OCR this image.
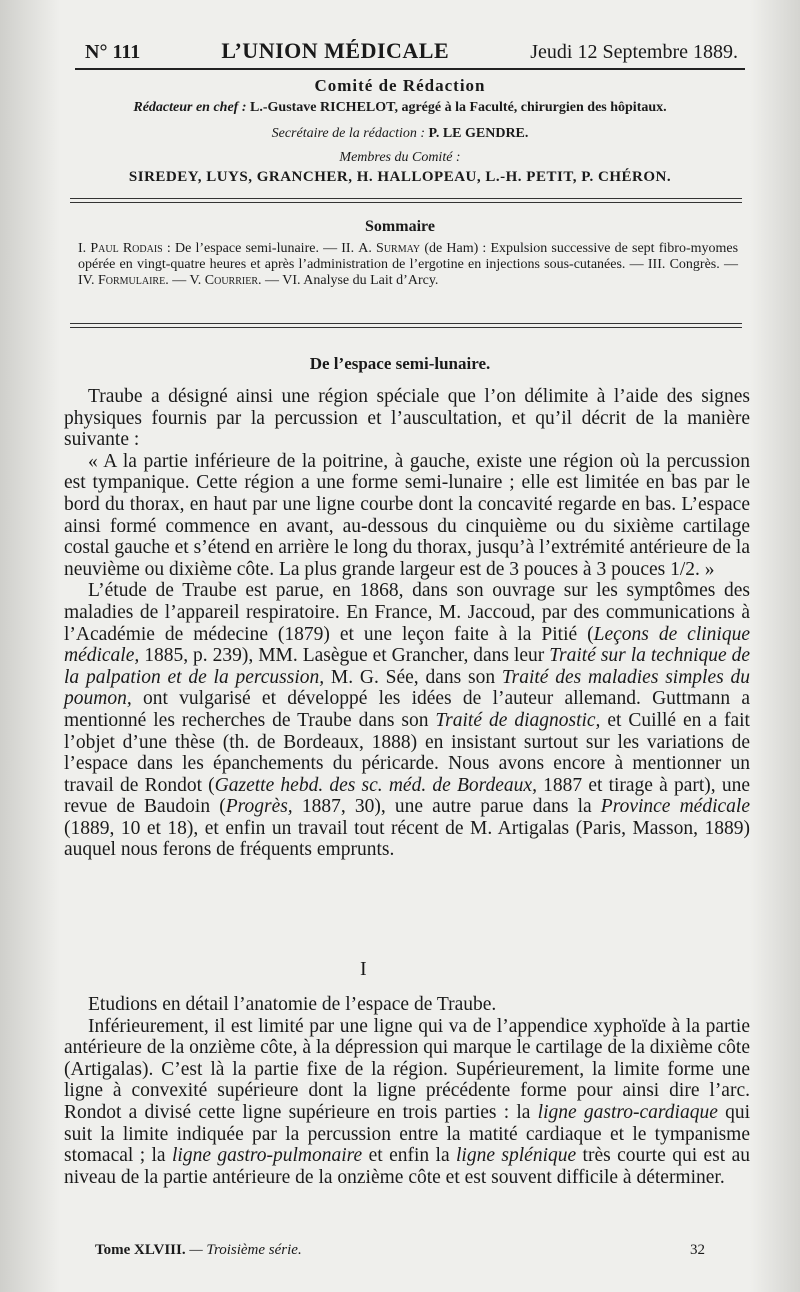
N° 111	L’UNION MÉDICALE	Jeudi 12 Septembre 1889.
Comité de Rédaction
Rédacteur en chef : L.-Gustave RICHELOT, agrégé à la Faculté, chirurgien des hôpitaux.
Secrétaire de la rédaction : P. LE GENDRE.
Membres du Comité :
SIREDEY, LUYS, GRANCHER, H. HALLOPEAU, L.-H. PETIT, P. CHÉRON.
Sommaire
I. Paul Rodais : De l’espace semi-lunaire. — II. A. Surmay (de Ham) : Expulsion successive de sept fibro-myomes opérée en vingt-quatre heures et après l’administration de l’ergotine en injections sous-cutanées. — III. Congrès. — IV. Formulaire. — V. Courrier. — VI. Analyse du Lait d’Arcy.
De l’espace semi-lunaire.

Traube a désigné ainsi une région spéciale que l’on délimite à l’aide des signes physiques fournis par la percussion et l’auscultation, et qu’il décrit de la manière suivante :

« A la partie inférieure de la poitrine, à gauche, existe une région où la percussion est tympanique. Cette région a une forme semi-lunaire ; elle est limitée en bas par le bord du thorax, en haut par une ligne courbe dont la concavité regarde en bas. L’espace ainsi formé commence en avant, au-dessous du cinquième ou du sixième cartilage costal gauche et s’étend en arrière le long du thorax, jusqu’à l’extrémité antérieure de la neuvième ou dixième côte. La plus grande largeur est de 3 pouces à 3 pouces 1/2. »

L’étude de Traube est parue, en 1868, dans son ouvrage sur les symptômes des maladies de l’appareil respiratoire. En France, M. Jaccoud, par des communications à l’Académie de médecine (1879) et une leçon faite à la Pitié (Leçons de clinique médicale, 1885, p. 239), MM. Lasègue et Grancher, dans leur Traité sur la technique de la palpation et de la percussion, M. G. Sée, dans son Traité des maladies simples du poumon, ont vulgarisé et développé les idées de l’auteur allemand. Guttmann a mentionné les recherches de Traube dans son Traité de diagnostic, et Cuillé en a fait l’objet d’une thèse (th. de Bordeaux, 1888) en insistant surtout sur les variations de l’espace dans les épanchements du péricarde. Nous avons encore à mentionner un travail de Rondot (Gazette hebd. des sc. méd. de Bordeaux, 1887 et tirage à part), une revue de Baudoin (Progrès, 1887, 30), une autre parue dans la Province médicale (1889, 10 et 18), et enfin un travail tout récent de M. Artigalas (Paris, Masson, 1889) auquel nous ferons de fréquents emprunts.

I

Etudions en détail l’anatomie de l’espace de Traube.

Inférieurement, il est limité par une ligne qui va de l’appendice xyphoïde à la partie antérieure de la onzième côte, à la dépression qui marque le cartilage de la dixième côte (Artigalas). C’est là la partie fixe de la région. Supérieurement, la limite forme une ligne à convexité supérieure dont la ligne précédente forme pour ainsi dire l’arc. Rondot a divisé cette ligne supérieure en trois parties : la ligne gastro-cardiaque qui suit la limite indiquée par la percussion entre la matité cardiaque et le tympanisme stomacal ; la ligne gastro-pulmonaire et enfin la ligne splénique très courte qui est au niveau de la partie antérieure de la onzième côte et est souvent difficile à déterminer.

Tome XLVIII. — Troisième série.	32
